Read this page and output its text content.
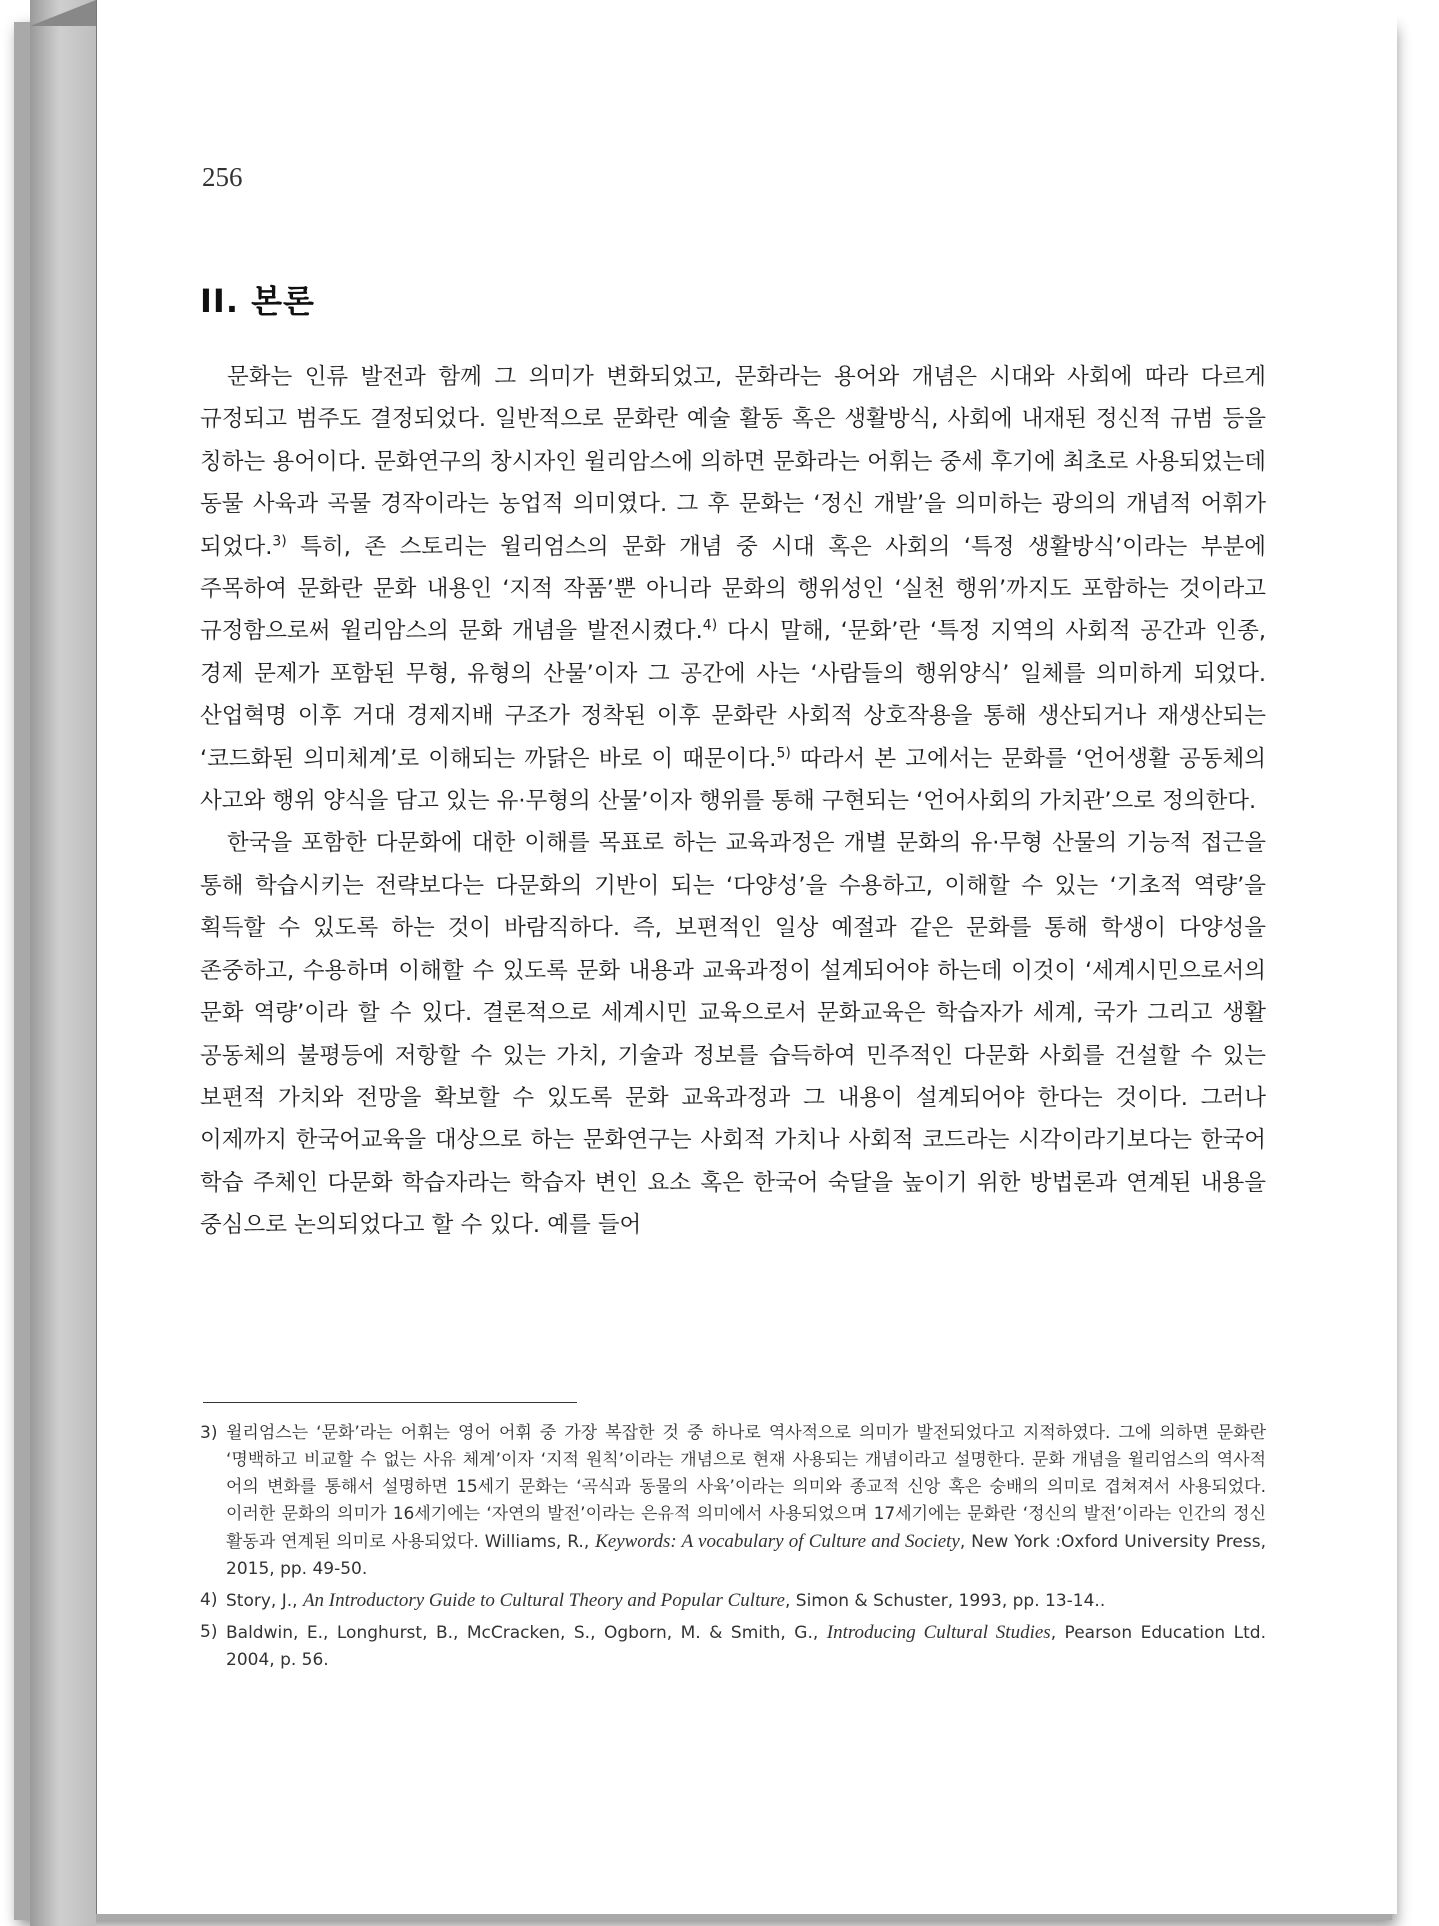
256
II. 본론

문화는 인류 발전과 함께 그 의미가 변화되었고, 문화라는 용어와 개념은 시대와 사회에 따라 다르게 규정되고 범주도 결정되었다. 일반적으로 문화란 예술 활동 혹은 생활방식, 사회에 내재된 정신적 규범 등을 칭하는 용어이다. 문화연구의 창시자인 윌리암스에 의하면 문화라는 어휘는 중세 후기에 최초로 사용되었는데 동물 사육과 곡물 경작이라는 농업적 의미였다. 그 후 문화는 ‘정신 개발’을 의미하는 광의의 개념적 어휘가 되었다.$^{3)}$ 특히, 존 스토리는 윌리엄스의 문화 개념 중 시대 혹은 사회의 ‘특정 생활방식’이라는 부분에 주목하여 문화란 문화 내용인 ‘지적 작품’뿐 아니라 문화의 행위성인 ‘실천 행위’까지도 포함하는 것이라고 규정함으로써 윌리암스의 문화 개념을 발전시켰다.$^{4)}$ 다시 말해, ‘문화’란 ‘특정 지역의 사회적 공간과 인종, 경제 문제가 포함된 무형, 유형의 산물’이자 그 공간에 사는 ‘사람들의 행위양식’ 일체를 의미하게 되었다. 산업혁명 이후 거대 경제지배 구조가 정착된 이후 문화란 사회적 상호작용을 통해 생산되거나 재생산되는 ‘코드화된 의미체계’로 이해되는 까닭은 바로 이 때문이다.$^{5)}$ 따라서 본 고에서는 문화를 ‘언어생활 공동체의 사고와 행위 양식을 담고 있는 유·무형의 산물’이자 행위를 통해 구현되는 ‘언어사회의 가치관’으로 정의한다.

한국을 포함한 다문화에 대한 이해를 목표로 하는 교육과정은 개별 문화의 유·무형 산물의 기능적 접근을 통해 학습시키는 전략보다는 다문화의 기반이 되는 ‘다양성’을 수용하고, 이해할 수 있는 ‘기초적 역량’을 획득할 수 있도록 하는 것이 바람직하다. 즉, 보편적인 일상 예절과 같은 문화를 통해 학생이 다양성을 존중하고, 수용하며 이해할 수 있도록 문화 내용과 교육과정이 설계되어야 하는데 이것이 ‘세계시민으로서의 문화 역량’이라 할 수 있다. 결론적으로 세계시민 교육으로서 문화교육은 학습자가 세계, 국가 그리고 생활 공동체의 불평등에 저항할 수 있는 가치, 기술과 정보를 습득하여 민주적인 다문화 사회를 건설할 수 있는 보편적 가치와 전망을 확보할 수 있도록 문화 교육과정과 그 내용이 설계되어야 한다는 것이다. 그러나 이제까지 한국어교육을 대상으로 하는 문화연구는 사회적 가치나 사회적 코드라는 시각이라기보다는 한국어 학습 주체인 다문화 학습자라는 학습자 변인 요소 혹은 한국어 숙달을 높이기 위한 방법론과 연계된 내용을 중심으로 논의되었다고 할 수 있다. 예를 들어

3) 윌리엄스는 ‘문화’라는 어휘는 영어 어휘 중 가장 복잡한 것 중 하나로 역사적으로 의미가 발전되었다고 지적하였다. 그에 의하면 문화란 ‘명백하고 비교할 수 없는 사유 체계’이자 ‘지적 원칙’이라는 개념으로 현재 사용되는 개념이라고 설명한다. 문화 개념을 윌리엄스의 역사적 어의 변화를 통해서 설명하면 15세기 문화는 ‘곡식과 동물의 사육’이라는 의미와 종교적 신앙 혹은 숭배의 의미로 겹쳐져서 사용되었다. 이러한 문화의 의미가 16세기에는 ‘자연의 발전’이라는 은유적 의미에서 사용되었으며 17세기에는 문화란 ‘정신의 발전’이라는 인간의 정신 활동과 연계된 의미로 사용되었다. Williams, R., Keywords: A vocabulary of Culture and Society, New York :Oxford University Press, 2015, pp. 49-50.
4) Story, J., An Introductory Guide to Cultural Theory and Popular Culture, Simon & Schuster, 1993, pp. 13-14..
5) Baldwin, E., Longhurst, B., McCracken, S., Ogborn, M. & Smith, G., Introducing Cultural Studies, Pearson Education Ltd. 2004, p. 56.
